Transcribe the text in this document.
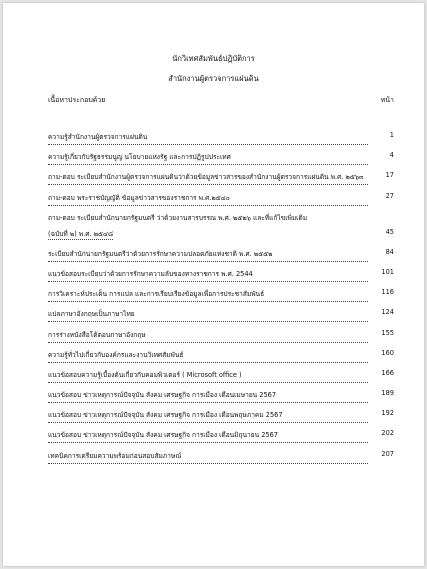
นักวิเทศสัมพันธ์ปฏิบัติการ
สำนักงานผู้ตรวจการแผ่นดิน
เนื้อหาประกอบด้วย	หน้า
ความรู้สำนักงานผู้ตรวจการแผ่นดิน	1
ความรู้เกี่ยวกับรัฐธรรมนูญ นโยบายแห่งรัฐ และการปฏิรูปประเทศ	4
ถาม-ตอบ ระเบียบสำนักงานผู้ตรวจการแผ่นดินว่าด้วยข้อมูลข่าวสารของสำนักงานผู้ตรวจการแผ่นดิน พ.ศ. ๒๕๖๓	17
ถาม-ตอบ พระราชบัญญัติ ข้อมูลข่าวสารของราชการ พ.ศ.๒๕๔๐	27
ถาม-ตอบ ระเบียบสำนักนายกรัฐมนตรี ว่าด้วยงานสารบรรณ พ.ศ. ๒๕๒๖ และที่แก้ไขเพิ่มเติม
(ฉบับที่ ๒) พ.ศ. ๒๕๔๘	45
ระเบียบสำนักนายกรัฐมนตรีว่าด้วยการรักษาความปลอดภัยแห่งชาติ พ.ศ. ๒๕๕๒	84
แนวข้อสอบระเบียบว่าด้วยการรักษาความลับของทางราชการ พ.ศ. 2544	101
การวิเคราะห์ประเด็น การแปล และการเรียบเรียงข้อมูลเพื่อการประชาสัมพันธ์	116
แปลภาษาอังกฤษเป็นภาษาไทย	124
การร่างหนังสือโต้ตอบภาษาอังกฤษ	155
ความรู้ทั่วไปเกี่ยวกับองค์กรและงานวิเทศสัมพันธ์	160
แนวข้อสอบความรู้เบื้องต้นเกี่ยวกับคอมพิวเตอร์ ( Microsoft office )	166
แนวข้อสอบ ข่าวเหตุการณ์ปัจจุบัน สังคม เศรษฐกิจ การเมือง เดือนเมษายน 2567	189
แนวข้อสอบ ข่าวเหตุการณ์ปัจจุบัน สังคม เศรษฐกิจ การเมือง เดือนพฤษภาคม 2567	192
แนวข้อสอบ ข่าวเหตุการณ์ปัจจุบัน สังคม เศรษฐกิจ การเมือง เดือนมิถุนายน 2567	202
เทคนิคการเตรียมความพร้อมก่อนสอบสัมภาษณ์	207
